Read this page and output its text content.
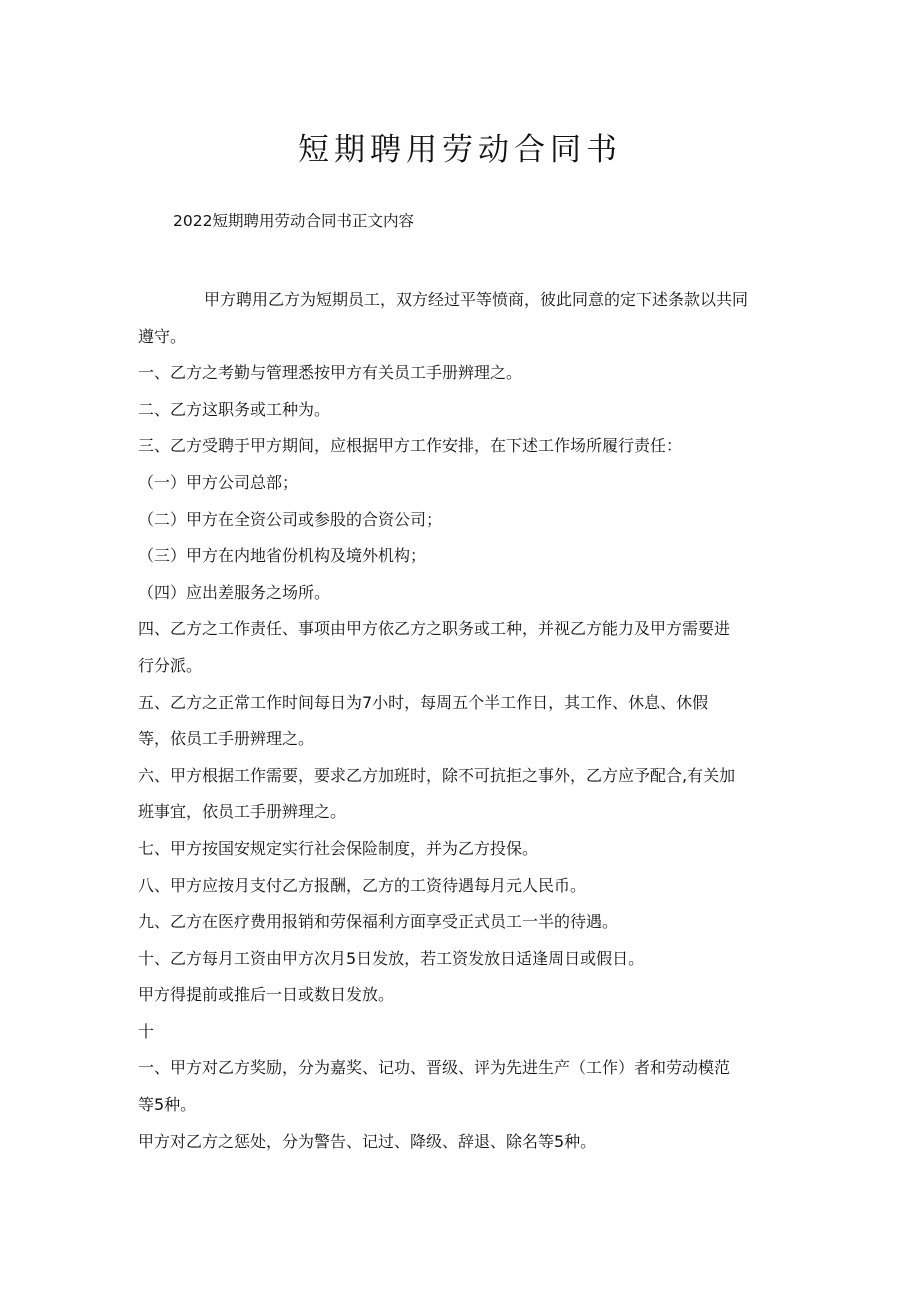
短期聘用劳动合同书

2022短期聘用劳动合同书正文内容

甲方聘用乙方为短期员工，双方经过平等愤商，彼此同意的定下述条款以共同

遵守。

一、乙方之考勤与管理悉按甲方有关员工手册辨理之。

二、乙方这职务或工种为。

三、乙方受聘于甲方期间，应根据甲方工作安排，在下述工作场所履行责任：

（一）甲方公司总部；

（二）甲方在全资公司或参股的合资公司；

（三）甲方在内地省份机构及境外机构；

（四）应出差服务之场所。

四、乙方之工作责任、事项由甲方依乙方之职务或工种，并视乙方能力及甲方需要进

行分派。

五、乙方之正常工作时间每日为7小时，每周五个半工作日，其工作、休息、休假

等，依员工手册辨理之。

六、甲方根据工作需要，要求乙方加班时，除不可抗拒之事外，乙方应予配合,有关加

班事宜，依员工手册辨理之。

七、甲方按国安规定实行社会保险制度，并为乙方投保。

八、甲方应按月支付乙方报酬，乙方的工资待遇每月元人民币。

九、乙方在医疗费用报销和劳保福利方面享受正式员工一半的待遇。

十、乙方每月工资由甲方次月5日发放，若工资发放日适逢周日或假日。

甲方得提前或推后一日或数日发放。

十

一、甲方对乙方奖励，分为嘉奖、记功、晋级、评为先进生产（工作）者和劳动模范

等5种。

甲方对乙方之惩处，分为警告、记过、降级、辞退、除名等5种。
